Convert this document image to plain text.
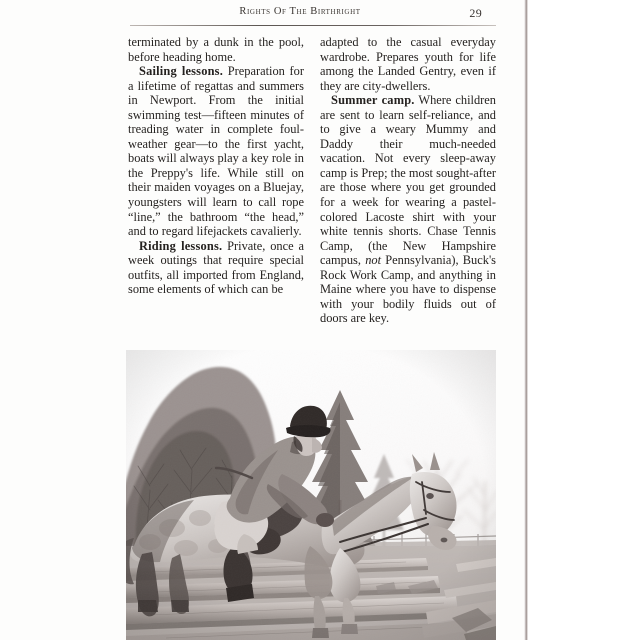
Rights Of The Birthright	29

terminated by a dunk in the pool, before heading home.

Sailing lessons. Preparation for a lifetime of regattas and summers in Newport. From the initial swimming test—fifteen minutes of treading water in complete foul-weather gear—to the first yacht, boats will always play a key role in the Preppy's life. While still on their maiden voyages on a Bluejay, youngsters will learn to call rope “line,” the bathroom “the head,” and to regard lifejackets cavalierly.

Riding lessons. Private, once a week outings that require special outfits, all imported from England, some elements of which can be

adapted to the casual everyday wardrobe. Prepares youth for life among the Landed Gentry, even if they are city-dwellers.

Summer camp. Where children are sent to learn self-reliance, and to give a weary Mummy and Daddy their much-needed vacation. Not every sleep-away camp is Prep; the most sought-after are those where you get grounded for a week for wearing a pastel-colored Lacoste shirt with your white tennis shorts. Chase Tennis Camp, (the New Hampshire campus, not Pennsylvania), Buck's Rock Work Camp, and anything in Maine where you have to dispense with your bodily fluids out of doors are key.
